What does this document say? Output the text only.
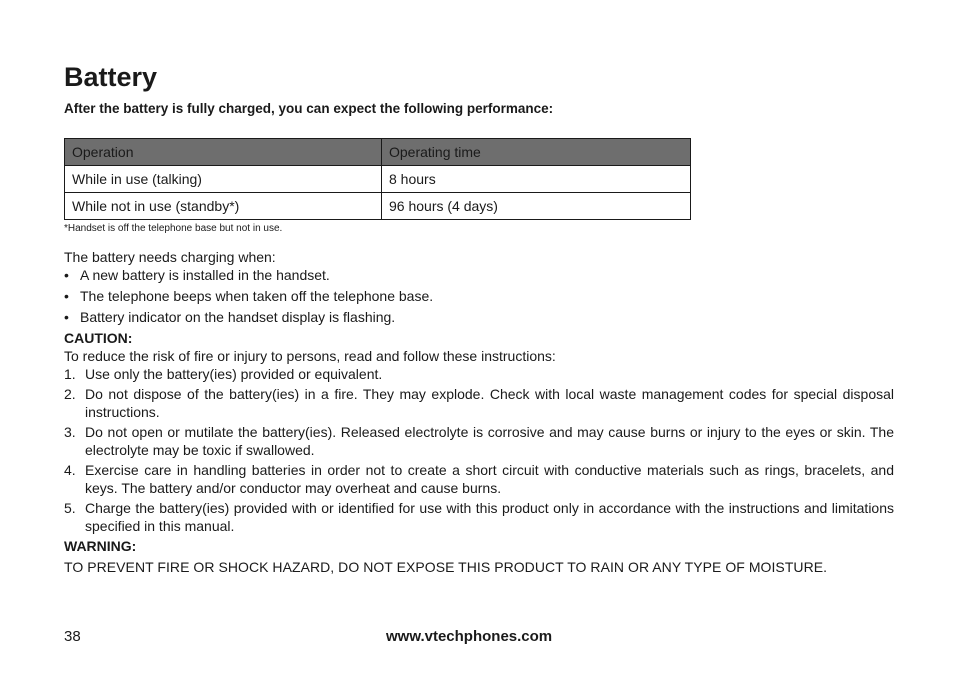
Battery

After the battery is fully charged, you can expect the following performance:

Operation	Operating time
While in use (talking)	8 hours
While not in use (standby*)	96 hours (4 days)

*Handset is off the telephone base but not in use.

The battery needs charging when:

• A new battery is installed in the handset.
• The telephone beeps when taken off the telephone base.
• Battery indicator on the handset display is flashing.

CAUTION:

To reduce the risk of fire or injury to persons, read and follow these instructions:

1. Use only the battery(ies) provided or equivalent.
2. Do not dispose of the battery(ies) in a fire. They may explode. Check with local waste management codes for special disposal instructions.
3. Do not open or mutilate the battery(ies). Released electrolyte is corrosive and may cause burns or injury to the eyes or skin. The electrolyte may be toxic if swallowed.
4. Exercise care in handling batteries in order not to create a short circuit with conductive materials such as rings, bracelets, and keys. The battery and/or conductor may overheat and cause burns.
5. Charge the battery(ies) provided with or identified for use with this product only in accordance with the instructions and limitations specified in this manual.

WARNING:

TO PREVENT FIRE OR SHOCK HAZARD, DO NOT EXPOSE THIS PRODUCT TO RAIN OR ANY TYPE OF MOISTURE.

38	www.vtechphones.com
